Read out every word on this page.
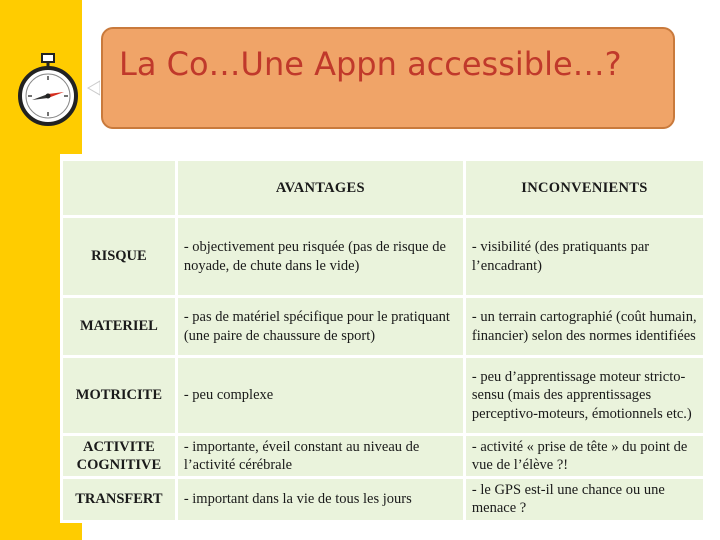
La Co…Une Appn accessible…?
	AVANTAGES	INCONVENIENTS
RISQUE	- objectivement peu risquée (pas de risque de noyade, de chute dans le vide)	- visibilité (des pratiquants par l’encadrant)
MATERIEL	- pas de matériel spécifique pour le pratiquant (une paire de chaussure de sport)	- un terrain cartographié (coût humain, financier) selon des normes identifiées
MOTRICITE	- peu complexe	- peu d’apprentissage moteur stricto-sensu (mais des apprentissages perceptivo-moteurs, émotionnels etc.)
ACTIVITE COGNITIVE	- importante, éveil constant au niveau de l’activité cérébrale	- activité « prise de tête » du point de vue de l’élève ?!
TRANSFERT	- important dans la vie de tous les jours	- le GPS est-il une chance ou une menace ?
